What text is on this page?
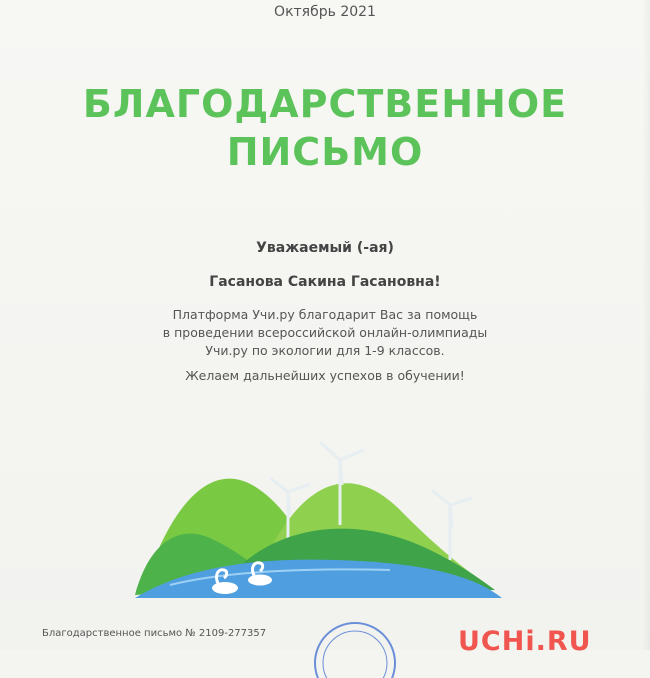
Октябрь 2021
БЛАГОДАРСТВЕННОЕ
ПИСЬМО
Уважаемый (-ая)
Гасанова Сакина Гасановна!
Платформа Учи.ру благодарит Вас за помощь
в проведении всероссийской онлайн-олимпиады
Учи.ру по экологии для 1-9 классов.
Желаем дальнейших успехов в обучении!
Благодарственное письмо № 2109-277357	UCHi.RU
